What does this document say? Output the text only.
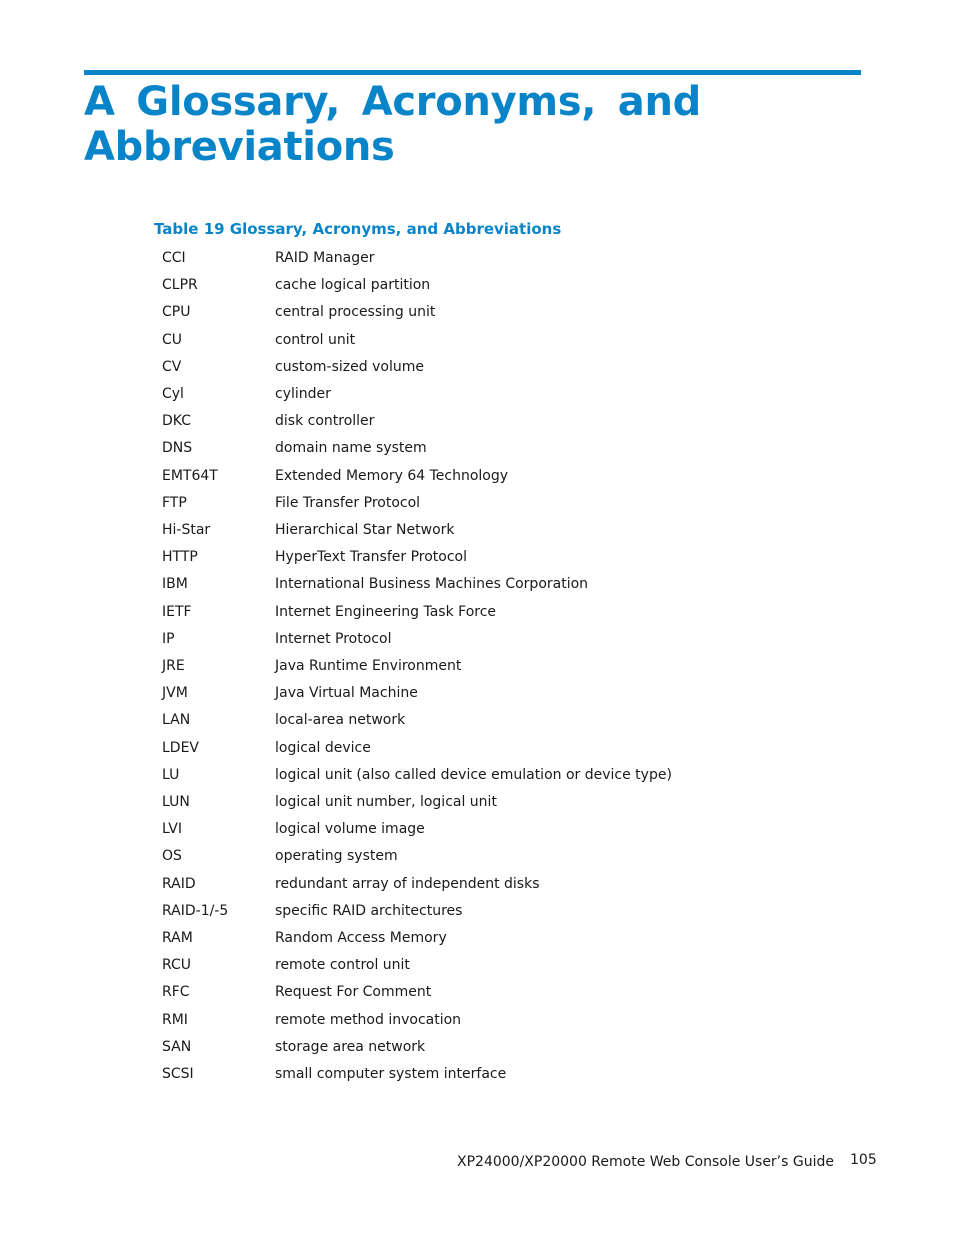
A Glossary, Acronyms, and Abbreviations
Table 19 Glossary, Acronyms, and Abbreviations
CCI	RAID Manager
CLPR	cache logical partition
CPU	central processing unit
CU	control unit
CV	custom-sized volume
Cyl	cylinder
DKC	disk controller
DNS	domain name system
EMT64T	Extended Memory 64 Technology
FTP	File Transfer Protocol
Hi-Star	Hierarchical Star Network
HTTP	HyperText Transfer Protocol
IBM	International Business Machines Corporation
IETF	Internet Engineering Task Force
IP	Internet Protocol
JRE	Java Runtime Environment
JVM	Java Virtual Machine
LAN	local-area network
LDEV	logical device
LU	logical unit (also called device emulation or device type)
LUN	logical unit number, logical unit
LVI	logical volume image
OS	operating system
RAID	redundant array of independent disks
RAID-1/-5	specific RAID architectures
RAM	Random Access Memory
RCU	remote control unit
RFC	Request For Comment
RMI	remote method invocation
SAN	storage area network
SCSI	small computer system interface
XP24000/XP20000 Remote Web Console User’s Guide 105
